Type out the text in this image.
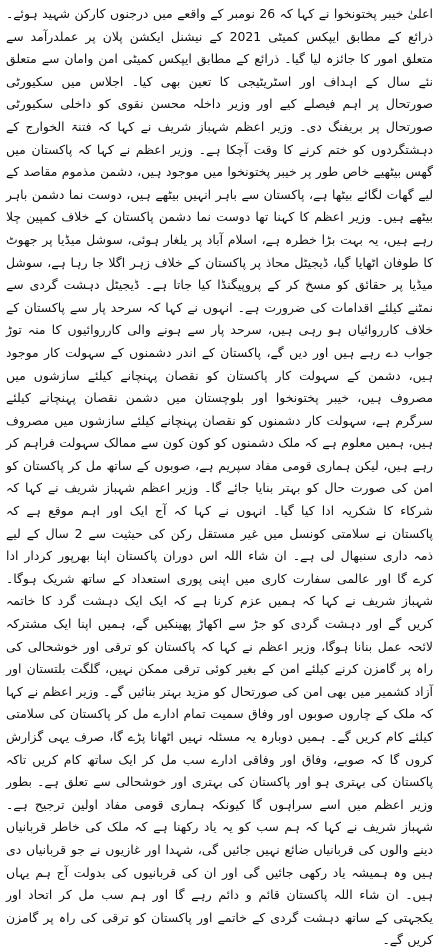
اعلیٰ خیبر پختونخوا نے کہا کہ 26 نومبر کے واقعے میں درجنوں کارکن شہید ہوئے۔ ذرائع کے مطابق ایپکس کمیٹی 2021 کے نیشنل ایکشن پلان پر عملدرآمد سے متعلق امور کا جائزہ لیا گیا۔ ذرائع کے مطابق ایپکس کمیٹی امن وامان سے متعلق نئے سال کے اہداف اور اسٹریٹیجی کا تعین بھی کیا۔ اجلاس میں سکیورٹی صورتحال پر اہم فیصلے کیے اور وزیر داخلہ محسن نقوی کو داخلی سکیورٹی صورتحال پر بریفنگ دی۔ وزیر اعظم شہباز شریف نے کہا کہ فتنۃ الخوارج کے دہشتگردوں کو ختم کرنے کا وقت آچکا ہے۔ وزیر اعظم نے کہا کہ پاکستان میں گھس بیٹھیے خاص طور پر خیبر پختونخوا میں موجود ہیں، دشمن مذموم مقاصد کے لیے گھات لگائے بیٹھا ہے، پاکستان سے باہر انہیں بیٹھے ہیں، دوست نما دشمن باہر بیٹھے ہیں۔ وزیر اعظم کا کہنا تھا دوست نما دشمن پاکستان کے خلاف کمپین چلا رہے ہیں، یہ بہت بڑا خطرہ ہے، اسلام آباد پر یلغار ہوئی، سوشل میڈیا پر جھوٹ کا طوفان اٹھایا گیا، ڈیجیٹل محاذ پر پاکستان کے خلاف زہر اگلا جا رہا ہے، سوشل میڈیا پر حقائق کو مسخ کر کے پروپیگنڈا کیا جاتا ہے۔ ڈیجیٹل دہشت گردی سے نمٹنے کیلئے اقدامات کی ضرورت ہے۔ انہوں نے کہا کہ سرحد پار سے پاکستان کے خلاف کارروائیاں ہو رہی ہیں، سرحد پار سے ہونے والی کارروائیوں کا منہ توڑ جواب دے رہے ہیں اور دیں گے، پاکستان کے اندر دشمنوں کے سہولت کار موجود ہیں، دشمن کے سہولت کار پاکستان کو نقصان پہنچانے کیلئے سازشوں میں مصروف ہیں، خیبر پختونخوا اور بلوچستان میں دشمن نقصان پہنچانے کیلئے سرگرم ہے، سہولت کار دشمنوں کو نقصان پہنچانے کیلئے سازشوں میں مصروف ہیں، ہمیں معلوم ہے کہ ملک دشمنوں کو کون کون سے ممالک سہولت فراہم کر رہے ہیں، لیکن ہماری قومی مفاد سپریم ہے، صوبوں کے ساتھ مل کر پاکستان کو امن کی صورت حال کو بہتر بنایا جائے گا۔ وزیر اعظم شہباز شریف نے کہا کہ شرکاء کا شکریہ ادا کیا گیا۔ انہوں نے کہا کہ آج ایک اور اہم موقع ہے کہ پاکستان نے سلامتی کونسل میں غیر مستقل رکن کی حیثیت سے 2 سال کے لیے ذمہ داری سنبھال لی ہے۔ ان شاء اللہ اس دوران پاکستان اپنا بھرپور کردار ادا کرے گا اور عالمی سفارت کاری میں اپنی پوری استعداد کے ساتھ شریک ہوگا۔ شہباز شریف نے کہا کہ ہمیں عزم کرنا ہے کہ ایک ایک دہشت گرد کا خاتمہ کریں گے اور دہشت گردی کو جڑ سے اکھاڑ پھینکیں گے، ہمیں اپنا ایک مشترکہ لائحہ عمل بنانا ہوگا، وزیر اعظم نے کہا کہ پاکستان کو ترقی اور خوشحالی کی راہ پر گامزن کرنے کیلئے امن کے بغیر کوئی ترقی ممکن نہیں، گلگت بلتستان اور آزاد کشمیر میں بھی امن کی صورتحال کو مزید بہتر بنائیں گے۔ وزیر اعظم نے کہا کہ ملک کے چاروں صوبوں اور وفاق سمیت تمام ادارے مل کر پاکستان کی سلامتی کیلئے کام کریں گے۔ ہمیں دوبارہ یہ مسئلہ نہیں اٹھانا پڑے گا، صرف یہی گزارش کروں گا کہ صوبے، وفاق اور وفاقی ادارے سب مل کر ایک ساتھ کام کریں تاکہ پاکستان کی بہتری ہو اور پاکستان کی بہتری اور خوشحالی سے تعلق ہے۔ بطور وزیر اعظم میں اسے سراہوں گا کیونکہ ہماری قومی مفاد اولین ترجیح ہے۔ شہباز شریف نے کہا کہ ہم سب کو یہ یاد رکھنا ہے کہ ملک کی خاطر قربانیاں دینے والوں کی قربانیاں ضائع نہیں جائیں گی، شہدا اور غازیوں نے جو قربانیاں دی ہیں وہ ہمیشہ یاد رکھی جائیں گی اور ان کی قربانیوں کی بدولت آج ہم یہاں ہیں۔ ان شاء اللہ پاکستان قائم و دائم رہے گا اور ہم سب مل کر اتحاد اور یکجہتی کے ساتھ دہشت گردی کے خاتمے اور پاکستان کو ترقی کی راہ پر گامزن کریں گے۔
